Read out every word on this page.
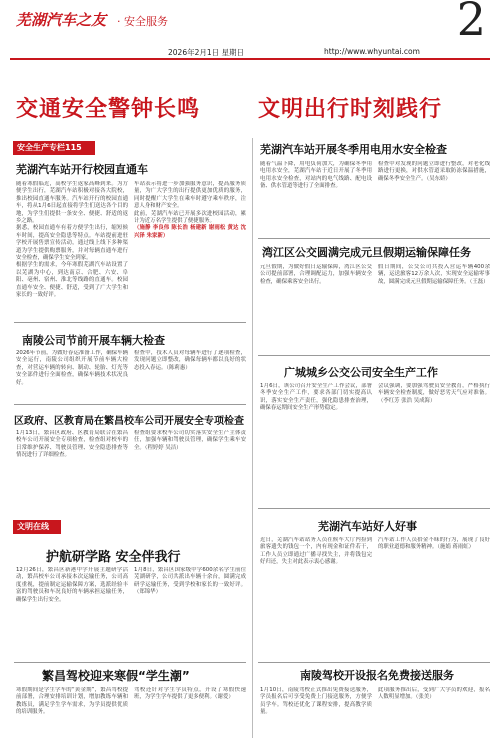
芜湖汽车之友 · 安全服务	2
2026年2月1日 星期日	http://www.whyuntai.com
交通安全警钟长鸣	文明出行时刻践行
安全生产专栏115
芜湖汽车站开行校园直通车
随着寒假临近，高校学生返家高峰到来。为方便学生出行，芜湖汽车站积极对接各大院校，推出校园直通车服务。汽车站开行的校园直通车，将从1月6日起直接将学生们送达各个目的地，为学生们提供一条安全、便捷、舒适的返乡之路。
据悉，校园直通车有着方便学生出行，缩短候车时间，提高安全隐患等特点。车站提前进驻学校开展售票宣传活动，通过线上线下多种渠道为学生提供购票服务，并对每辆直通车进行安全检查，确保学生安全到家。
根据学生的需求，今年寒假芜湖汽车站设置了以芜湖为中心，到达南京、合肥、六安、阜阳、亳州、宿州、淮北等线路的直通车。校园直通车安全、便捷、舒适，受到了广大学生和家长的一致好评。
车站表示将进一步加强服务意识，提高服务质量，为广大学生的出行提供更加优质的服务，同时提醒广大学生在乘车时遵守乘车秩序，注意人身和财产安全。
此前，芜湖汽车站已开展多次进校园活动，累计为近万名学生提供了便捷服务。
（施静 李良伟 陈长浩 杨建新 谢雨松 黄达 沈兴泽 朱家新）
南陵公司节前开展车辆大检查
2026年节前，为做好春运准备工作，确保车辆安全运行，南陵公司组织开展节前车辆大检查，对营运车辆的转向、制动、轮胎、灯光等安全部件进行全面检查，确保车辆技术状况良好。
检查中，技术人员对每辆车进行了逐项检查，发现问题立即整改，确保每辆车都以良好的状态投入春运。（陈莉惠）
区政府、区教育局在繁昌校车公司开展安全专项检查
1月13日，繁昌区政府、区教育局联合在繁昌校车公司开展安全专项检查，检查组对校车的日常维护保养、驾驶员管理、安全隐患排查等情况进行了详细检查。
检查组要求校车公司切实落实安全生产主体责任，加强车辆和驾驶员管理，确保学生乘车安全。（程婷婷 吴洁）
文明在线
护航研学路 安全伴我行
12月26日，繁昌区新港中学开展主题研学活动，繁昌校车公司承接本次运输任务，公司高度重视，提前制定运输保障方案，选派经验丰富的驾驶员和车况良好的车辆承担运输任务，确保学生出行安全。
1月8日，繁昌区国家级中学600余名学生前往芜湖研学，公司共派出车辆十余台，圆满完成研学运输任务，受到学校和家长的一致好评。（郑锦华）
繁昌驾校迎来寒假“学生潮”
寒假期间是学生学车的“黄金期”，繁昌驾校提前部署，合理安排培训计划，增加教练车辆和教练员，满足学生学车需求，为学员提供优质的培训服务。
驾校还针对学生学员特点，开设了寒假快速班，为学生学车提供了更多便利。（谢爱）
芜湖汽车站开展冬季用电用水安全检查
随着气温下降，用电负荷加大，为确保冬季用电用水安全，芜湖汽车站于近日开展了冬季用电用水安全检查，对站内的电气线路、配电设备、供水管道等进行了全面排查。
检查中对发现的问题立即进行整改，对老化线路进行更换，对供水管道采取防冻保温措施，确保冬季安全生产。（吴东娇）
湾江区公交圆满完成元旦假期运输保障任务
元旦假期，为做好假日运输保障，湾江区公交公司提前部署，合理调配运力，加强车辆安全检查，确保乘客安全出行。
假日期间，公交公司共投入营运车辆400余辆，运送旅客12万余人次，实现安全运输零事故，圆满完成元旦假期运输保障任务。（王磊）
广城城乡公交公司安全生产工作
1月6日，该公司召开安全生产工作会议，部署冬季安全生产工作，要求各部门切实提高认识，落实安全生产责任，强化隐患排查治理，确保春运期间安全生产形势稳定。
会议强调，要加强驾驶员安全教育，严格执行车辆安全检查制度，做好恶劣天气应对准备。（李红芳 张浩 吴成海）
芜湖汽车站好人好事
近日，芜湖汽车站站务人员在候车大厅内捡到旅客遗失的钱包一个，内有现金和证件若干，工作人员立即通过广播寻找失主，并将钱包完好归还，失主对此表示衷心感谢。
汽车站工作人员拾金不昧的行为，展现了良好的职业道德和服务精神。（施娟 蒋雨虹）
南陵驾校开设报名免费接送服务
1月10日，南陵驾校正式推出免费接送服务，学员报名后可享受免费上门接送服务，方便学员学车。驾校还优化了课程安排，提高教学质量。
此项服务推出后，受到广大学员的欢迎，报名人数明显增加。（张美）
